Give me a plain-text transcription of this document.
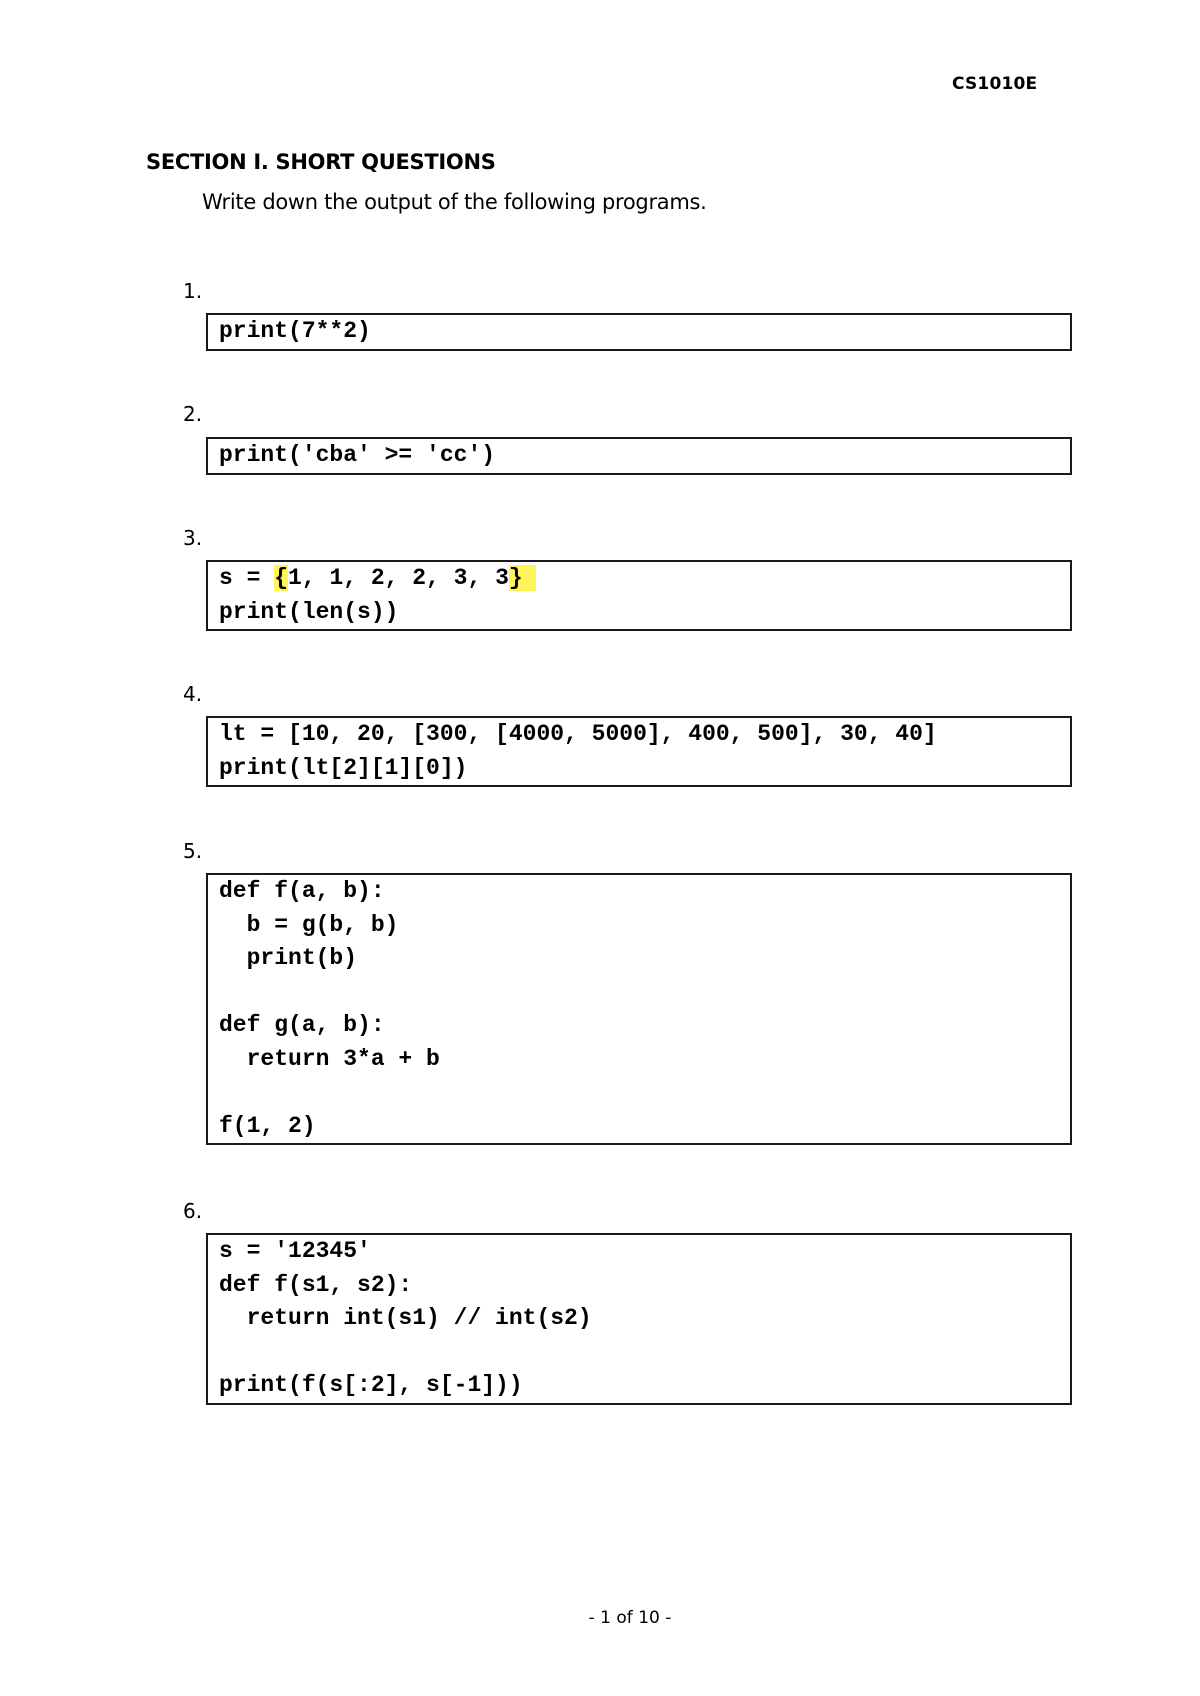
CS1010E
SECTION I. SHORT QUESTIONS
Write down the output of the following programs.
1.
print(7**2)
2.
print('cba' >= 'cc')
3.
s = {1, 1, 2, 2, 3, 3}
print(len(s))
4.
lt = [10, 20, [300, [4000, 5000], 400, 500], 30, 40]
print(lt[2][1][0])
5.
def f(a, b):
b = g(b, b)
print(b)

def g(a, b):
return 3*a + b

f(1, 2)
6.
s = '12345'
def f(s1, s2):
return int(s1) // int(s2)

print(f(s[:2], s[-1]))
- 1 of 10 -
